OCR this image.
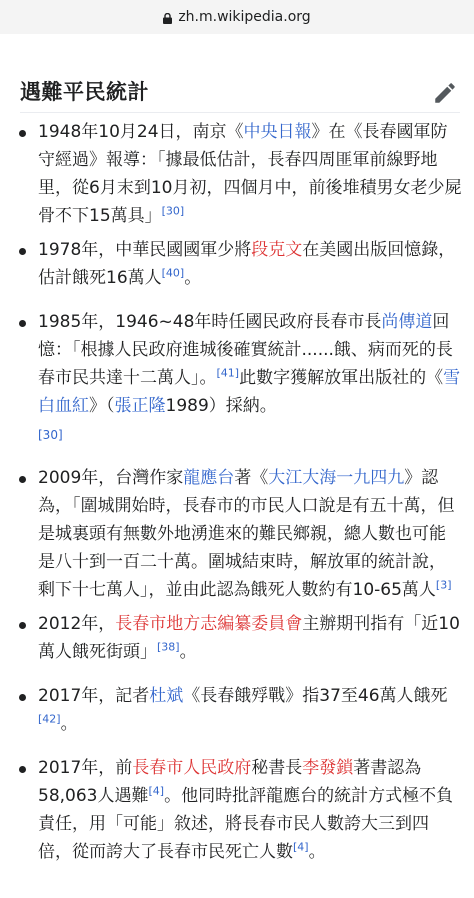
zh.m.wikipedia.org
遇難平民統計
1948年10月24日，南京《中央日報》在《長春國軍防守經過》報導：「據最低估計，長春四周匪軍前線野地里，從6月末到10月初，四個月中，前後堆積男女老少屍骨不下15萬具」[30]
1978年，中華民國國軍少將段克文在美國出版回憶錄，估計餓死16萬人[40]。
1985年，1946~48年時任國民政府長春市長尚傳道回憶：「根據人民政府進城後確實統計......餓、病而死的長春市民共達十二萬人」。[41]此數字獲解放軍出版社的《雪白血紅》（張正隆1989）採納。
[30]
2009年，台灣作家龍應台著《大江大海一九四九》認為，「圍城開始時，長春市的市民人口說是有五十萬，但是城裏頭有無數外地湧進來的難民鄉親，總人數也可能是八十到一百二十萬。圍城結束時，解放軍的統計說，剩下十七萬人」，並由此認為餓死人數約有10-65萬人[3]
2012年，長春市地方志編纂委員會主辦期刊指有「近10萬人餓死街頭」[38]。
2017年，記者杜斌《長春餓殍戰》指37至46萬人餓死[42]。
2017年，前長春市人民政府秘書長李發鎖著書認為58,063人遇難[4]。他同時批評龍應台的統計方式極不負責任，用「可能」敘述，將長春市民人數誇大三到四倍，從而誇大了長春市民死亡人數[4]。
